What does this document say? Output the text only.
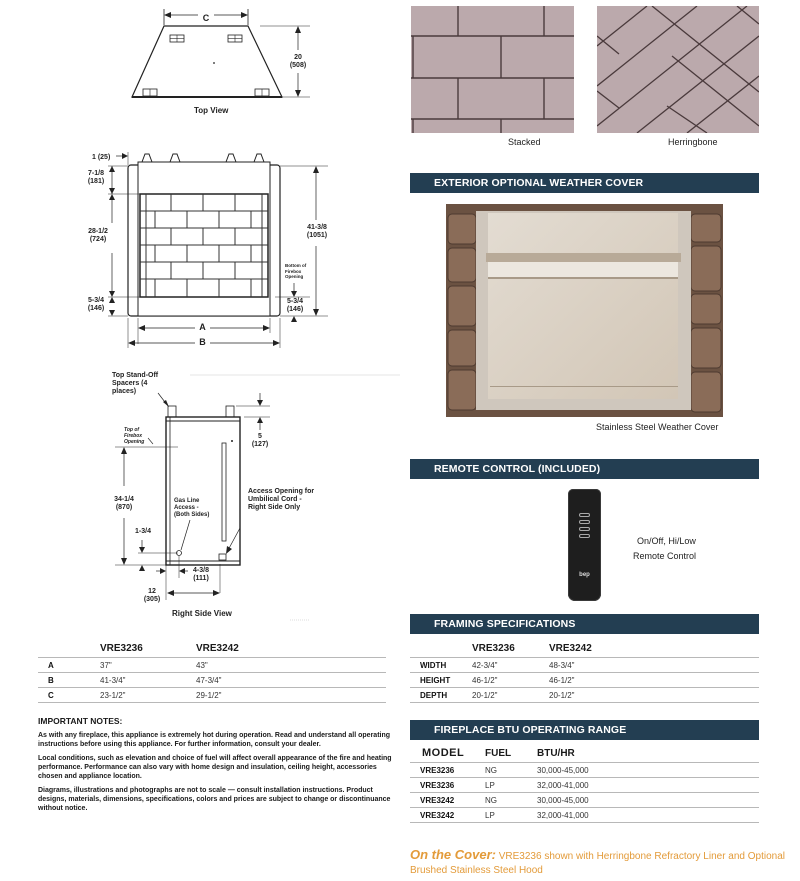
C
20
(508)
Top View
1 (25)
7-1/8
(181)
28-1/2
(724)
5-3/4
(146)
41-3/8
(1051)
Bottom of Firebox Opening
5-3/4
(146)
A
B
Top Stand-Off Spacers (4 places)
Top of Firebox Opening
5
(127)
34-1/4
(870)
Gas Line Access - (Both Sides)
Access Opening for Umbilical Cord - Right Side Only
1-3/4
4-3/8
(111)
12
(305)
Right Side View
	VRE3236	VRE3242
A	37"	43"
B	41-3/4"	47-3/4"
C	23-1/2"	29-1/2"
IMPORTANT NOTES:

As with any fireplace, this appliance is extremely hot during operation. Read and understand all operating instructions before using this appliance. For further information, consult your dealer.

Local conditions, such as elevation and choice of fuel will affect overall appearance of the fire and heating performance. Performance can also vary with home design and insulation, ceiling height, accessories chosen and appliance location.

Diagrams, illustrations and photographs are not to scale — consult installation instructions. Product designs, materials, dimensions, specifications, colors and prices are subject to change or discontinuance without notice.

Stacked	Herringbone
EXTERIOR OPTIONAL WEATHER COVER
Stainless Steel Weather Cover
REMOTE CONTROL (INCLUDED)
bep
On/Off, Hi/Low
Remote Control
FRAMING SPECIFICATIONS
	VRE3236	VRE3242
WIDTH	42-3/4"	48-3/4"
HEIGHT	46-1/2"	46-1/2"
DEPTH	20-1/2"	20-1/2"
FIREPLACE BTU OPERATING RANGE
MODEL	FUEL	BTU/HR
VRE3236	NG	30,000-45,000
VRE3236	LP	32,000-41,000
VRE3242	NG	30,000-45,000
VRE3242	LP	32,000-41,000
On the Cover: VRE3236 shown with Herringbone Refractory Liner and Optional Brushed Stainless Steel Hood
